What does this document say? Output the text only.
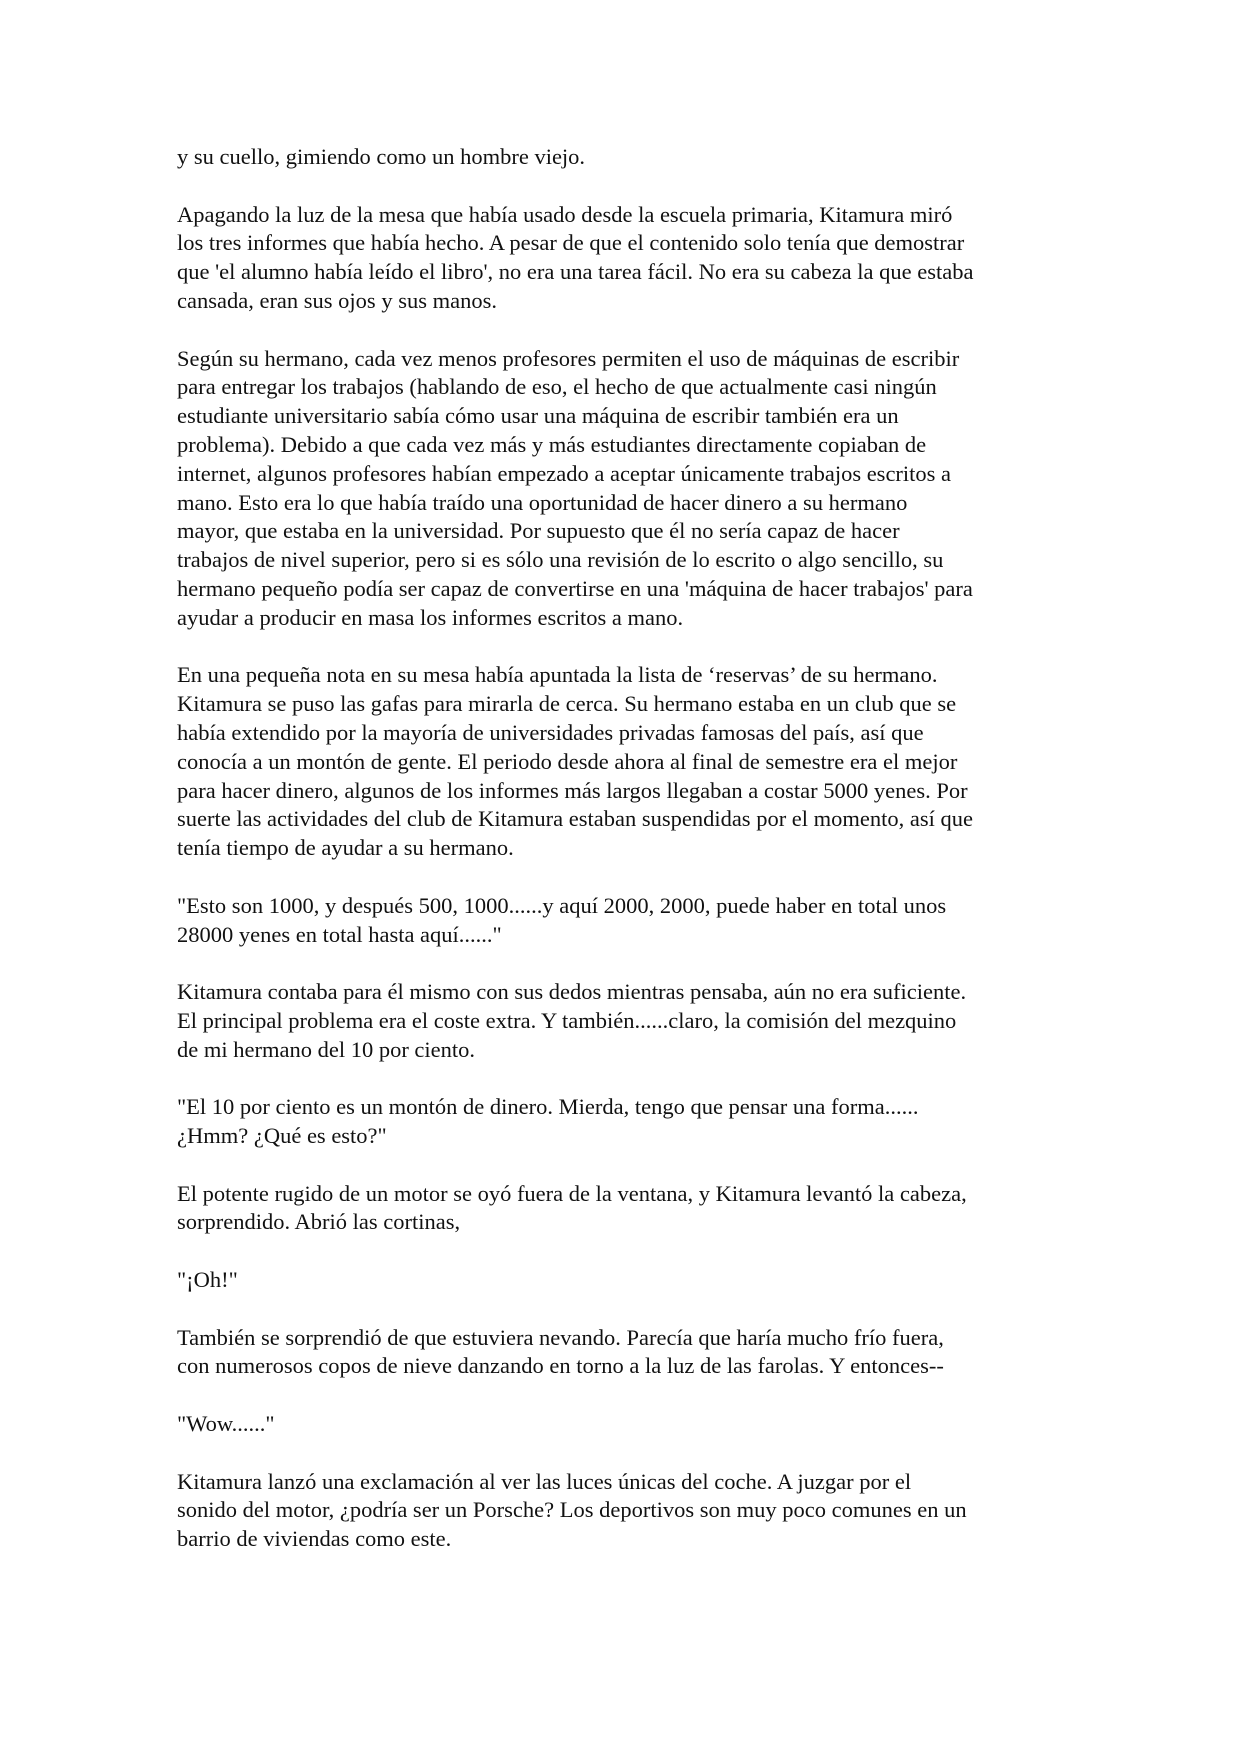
y su cuello, gimiendo como un hombre viejo.

Apagando la luz de la mesa que había usado desde la escuela primaria, Kitamura miró
los tres informes que había hecho. A pesar de que el contenido solo tenía que demostrar
que 'el alumno había leído el libro', no era una tarea fácil. No era su cabeza la que estaba
cansada, eran sus ojos y sus manos.

Según su hermano, cada vez menos profesores permiten el uso de máquinas de escribir
para entregar los trabajos (hablando de eso, el hecho de que actualmente casi ningún
estudiante universitario sabía cómo usar una máquina de escribir también era un
problema). Debido a que cada vez más y más estudiantes directamente copiaban de
internet, algunos profesores habían empezado a aceptar únicamente trabajos escritos a
mano. Esto era lo que había traído una oportunidad de hacer dinero a su hermano
mayor, que estaba en la universidad. Por supuesto que él no sería capaz de hacer
trabajos de nivel superior, pero si es sólo una revisión de lo escrito o algo sencillo, su
hermano pequeño podía ser capaz de convertirse en una 'máquina de hacer trabajos' para
ayudar a producir en masa los informes escritos a mano.

En una pequeña nota en su mesa había apuntada la lista de ‘reservas’ de su hermano.
Kitamura se puso las gafas para mirarla de cerca. Su hermano estaba en un club que se
había extendido por la mayoría de universidades privadas famosas del país, así que
conocía a un montón de gente. El periodo desde ahora al final de semestre era el mejor
para hacer dinero, algunos de los informes más largos llegaban a costar 5000 yenes. Por
suerte las actividades del club de Kitamura estaban suspendidas por el momento, así que
tenía tiempo de ayudar a su hermano.

"Esto son 1000, y después 500, 1000......y aquí 2000, 2000, puede haber en total unos
28000 yenes en total hasta aquí......"

Kitamura contaba para él mismo con sus dedos mientras pensaba, aún no era suficiente.
El principal problema era el coste extra. Y también......claro, la comisión del mezquino
de mi hermano del 10 por ciento.

"El 10 por ciento es un montón de dinero. Mierda, tengo que pensar una forma......
¿Hmm? ¿Qué es esto?"

El potente rugido de un motor se oyó fuera de la ventana, y Kitamura levantó la cabeza,
sorprendido. Abrió las cortinas,

"¡Oh!"

También se sorprendió de que estuviera nevando. Parecía que haría mucho frío fuera,
con numerosos copos de nieve danzando en torno a la luz de las farolas. Y entonces--

"Wow......"

Kitamura lanzó una exclamación al ver las luces únicas del coche. A juzgar por el
sonido del motor, ¿podría ser un Porsche? Los deportivos son muy poco comunes en un
barrio de viviendas como este.
